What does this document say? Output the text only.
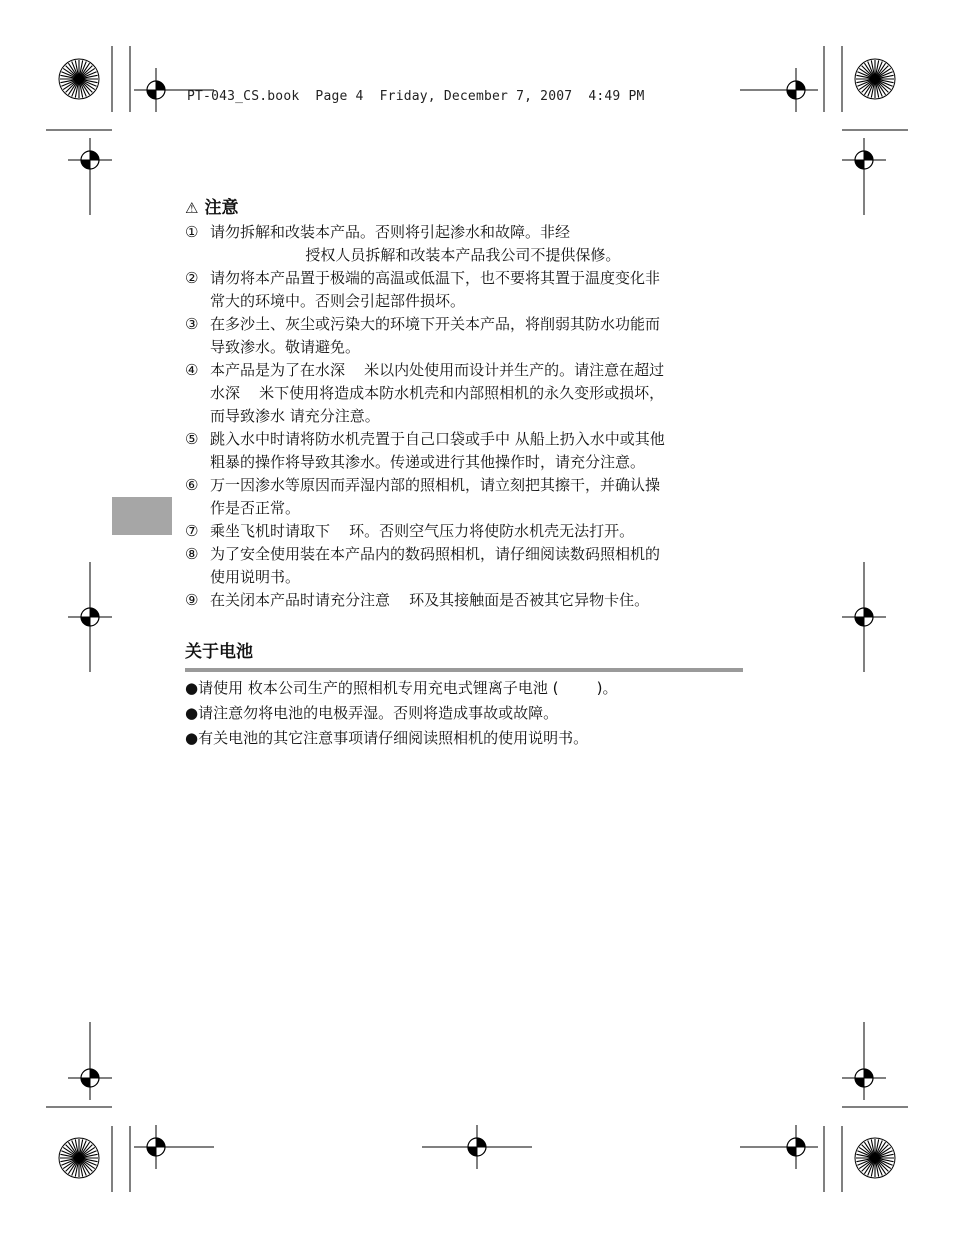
PT-043_CS.book  Page 4  Friday, December 7, 2007  4:49 PM
⚠ 注意
① 请勿拆解和改装本产品。否则将引起渗水和故障。非经
授权人员拆解和改装本产品我公司不提供保修。
② 请勿将本产品置于极端的高温或低温下，也不要将其置于温度变化非
常大的环境中。否则会引起部件损坏。
③ 在多沙土、灰尘或污染大的环境下开关本产品，将削弱其防水功能而
导致渗水。敬请避免。
④ 本产品是为了在水深    米以内处使用而设计并生产的。请注意在超过
水深    米下使用将造成本防水机壳和内部照相机的永久变形或损坏，
而导致渗水 请充分注意。
⑤ 跳入水中时请将防水机壳置于自己口袋或手中 从船上扔入水中或其他
粗暴的操作将导致其渗水。传递或进行其他操作时，请充分注意。
⑥ 万一因渗水等原因而弄湿内部的照相机，请立刻把其擦干，并确认操
作是否正常。
⑦ 乘坐飞机时请取下    环。否则空气压力将使防水机壳无法打开。
⑧ 为了安全使用装在本产品内的数码照相机，请仔细阅读数码照相机的
使用说明书。
⑨ 在关闭本产品时请充分注意    环及其接触面是否被其它异物卡住。
关于电池
●请使用 枚本公司生产的照相机专用充电式锂离子电池 (        )。
●请注意勿将电池的电极弄湿。否则将造成事故或故障。
●有关电池的其它注意事项请仔细阅读照相机的使用说明书。
